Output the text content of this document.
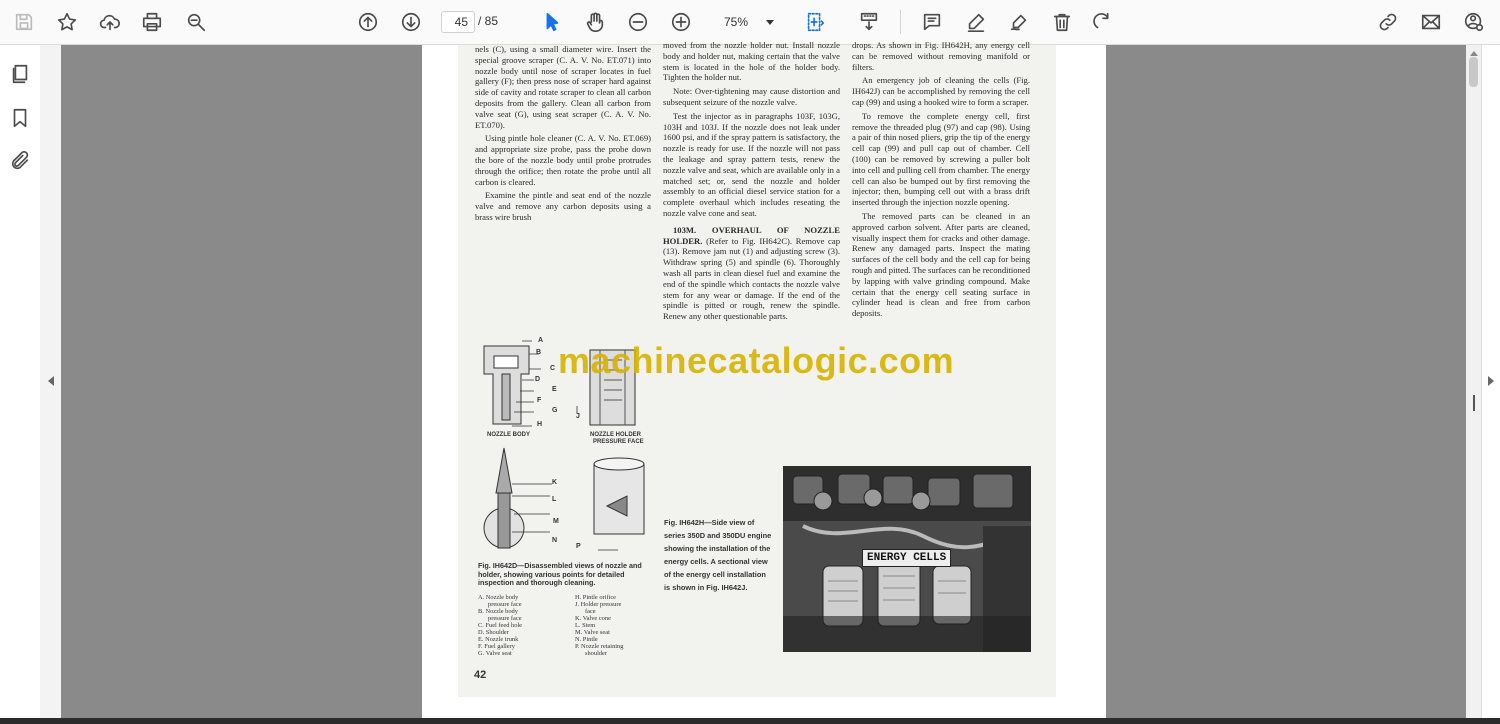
45 / 85	75%

nels (C), using a small diameter wire. Insert the special groove scraper (C. A. V. No. ET.071) into nozzle body until nose of scraper locates in fuel gallery (F); then press nose of scraper hard against side of cavity and rotate scraper to clean all carbon deposits from the gallery. Clean all carbon from valve seat (G), using seat scraper (C. A. V. No. ET.070).

Using pintle hole cleaner (C. A. V. No. ET.069) and appropriate size probe, pass the probe down the bore of the nozzle body until probe protrudes through the orifice; then rotate the probe until all carbon is cleared.

Examine the pintle and seat end of the nozzle valve and remove any carbon deposits using a brass wire brush

moved from the nozzle holder nut. Install nozzle body and holder nut, making certain that the valve stem is located in the hole of the holder body. Tighten the holder nut.

Note: Over-tightening may cause distortion and subsequent seizure of the nozzle valve.

Test the injector as in paragraphs 103F, 103G, 103H and 103J. If the nozzle does not leak under 1600 psi, and if the spray pattern is satisfactory, the nozzle is ready for use. If the nozzle will not pass the leakage and spray pattern tests, renew the nozzle valve and seat, which are available only in a matched set; or, send the nozzle and holder assembly to an official diesel service station for a complete overhaul which includes reseating the nozzle valve cone and seat.

103M. OVERHAUL OF NOZZLE HOLDER. (Refer to Fig. IH642C). Remove cap (13). Remove jam nut (1) and adjusting screw (3). Withdraw spring (5) and spindle (6). Thoroughly wash all parts in clean diesel fuel and examine the end of the spindle which contacts the nozzle valve stem for any wear or damage. If the end of the spindle is pitted or rough, renew the spindle. Renew any other questionable parts.

drops. As shown in Fig. IH642H, any energy cell can be removed without removing manifold or filters.

An emergency job of cleaning the cells (Fig. IH642J) can be accomplished by removing the cell cap (99) and using a hooked wire to form a scraper.

To remove the complete energy cell, first remove the threaded plug (97) and cap (98). Using a pair of thin nosed pliers, grip the tip of the energy cell cap (99) and pull cap out of chamber. Cell (100) can be removed by screwing a puller bolt into cell and pulling cell from chamber. The energy cell can also be bumped out by first removing the injector; then, bumping cell out with a brass drift inserted through the injection nozzle opening.

The removed parts can be cleaned in an approved carbon solvent. After parts are cleaned, visually inspect them for cracks and other damage. Renew any damaged parts. Inspect the mating surfaces of the cell body and the cell cap for being rough and pitted. The surfaces can be reconditioned by lapping with valve grinding compound. Make certain that the energy cell seating surface in cylinder head is clean and free from carbon deposits.

A
B
C
D
E
F
G
H
J
K
L
M
N
P
NOZZLE BODY	NOZZLE HOLDER
PRESSURE FACE
Fig. IH642D—Disassembled views of nozzle and holder, showing various points for detailed inspection and thorough cleaning.
A. Nozzle body
pressure face
B. Nozzle body
pressure face
C. Fuel feed hole
D. Shoulder
E. Nozzle trunk
F. Fuel gallery
G. Valve seat
H. Pintle orifice
J. Holder pressure
face
K. Valve cone
L. Stem
M. Valve seat
N. Pintle
P. Nozzle retaining
shoulder
Fig. IH642H—Side view of series 350D and 350DU engine showing the installation of the energy cells. A sectional view of the energy cell installation is shown in Fig. IH642J.
ENERGY CELLS
machinecatalogic.com
42
